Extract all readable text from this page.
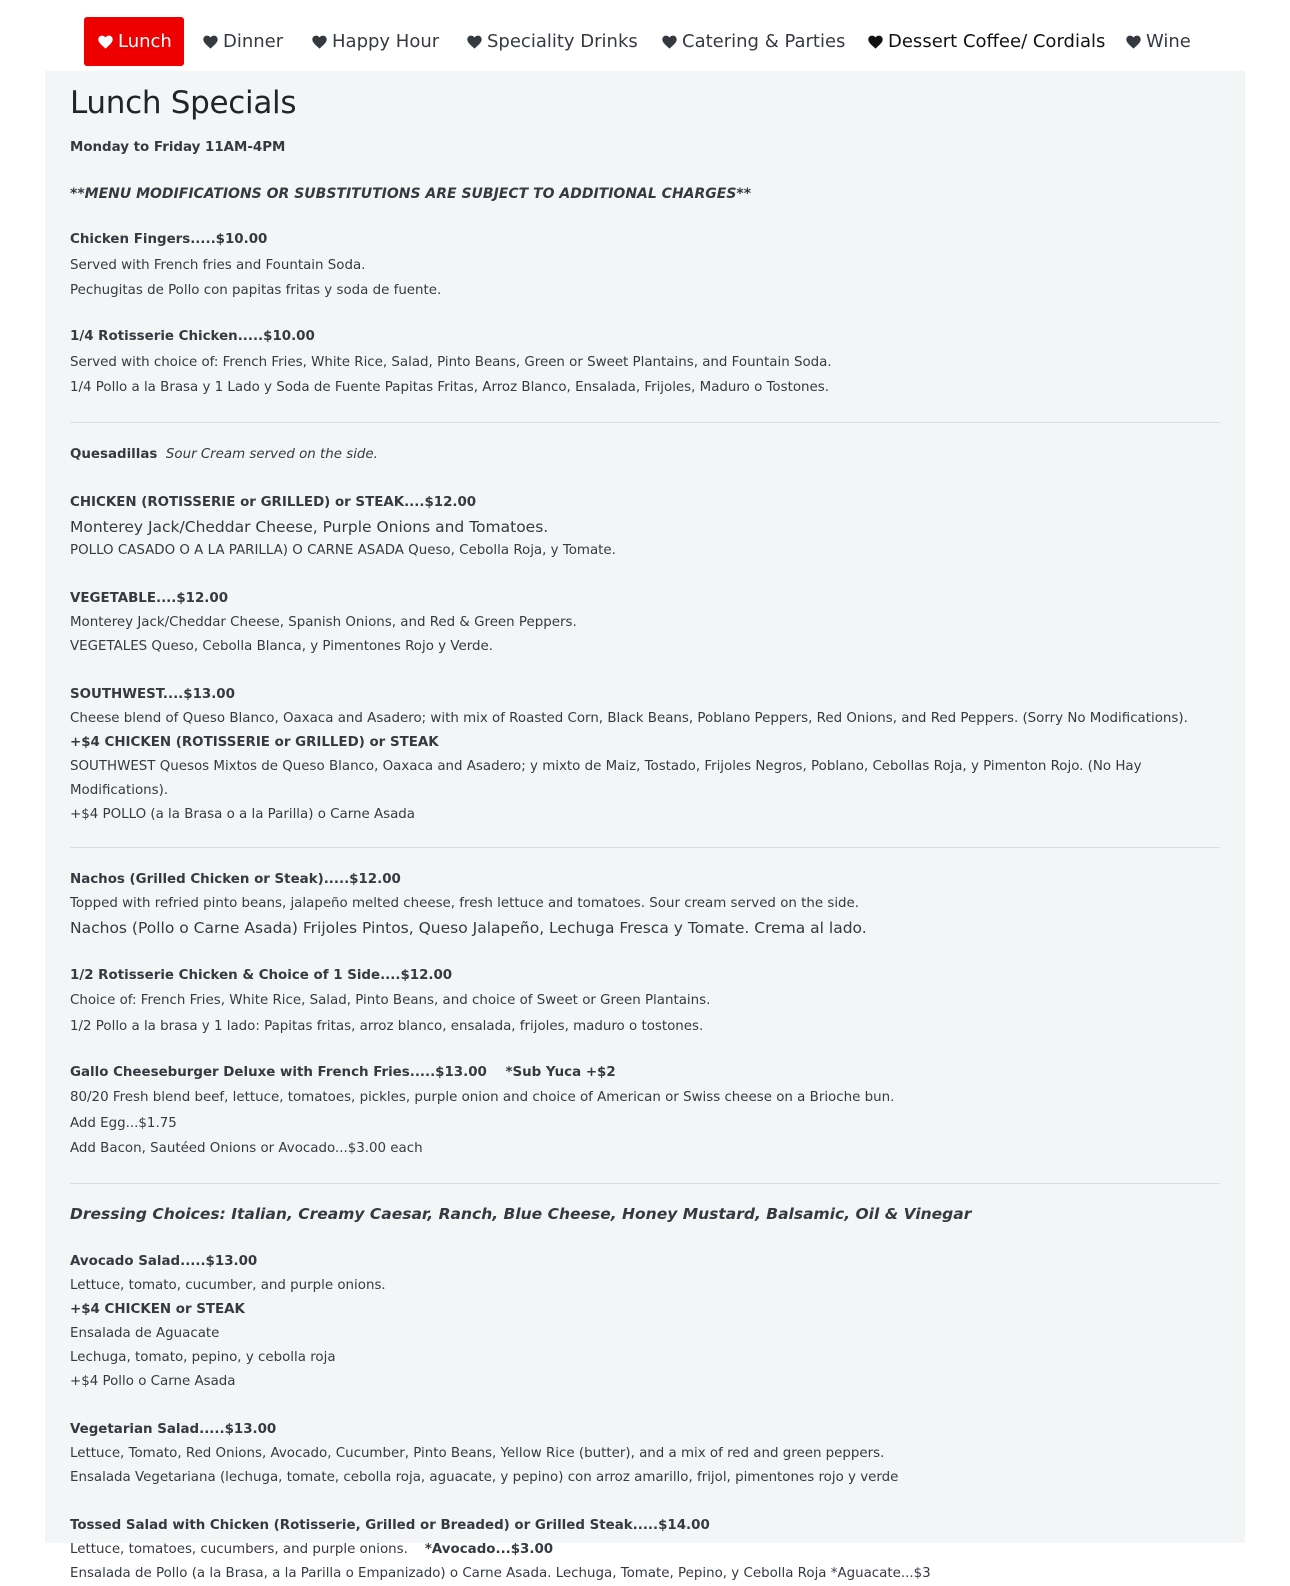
Lunch	Dinner	Happy Hour	Speciality Drinks Catering & Parties Dessert Coffee/ Cordials Wine
Lunch Specials

Monday to Friday 11AM-4PM

**MENU MODIFICATIONS OR SUBSTITUTIONS ARE SUBJECT TO ADDITIONAL CHARGES**

Chicken Fingers.....$10.00

Served with French fries and Fountain Soda.

Pechugitas de Pollo con papitas fritas y soda de fuente.

1/4 Rotisserie Chicken.....$10.00

Served with choice of: French Fries, White Rice, Salad, Pinto Beans, Green or Sweet Plantains, and Fountain Soda.

1/4 Pollo a la Brasa y 1 Lado y Soda de Fuente Papitas Fritas, Arroz Blanco, Ensalada, Frijoles, Maduro o Tostones.

Quesadillas Sour Cream served on the side.

CHICKEN (ROTISSERIE or GRILLED) or STEAK....$12.00

Monterey Jack/Cheddar Cheese, Purple Onions and Tomatoes.

POLLO CASADO O A LA PARILLA) O CARNE ASADA Queso, Cebolla Roja, y Tomate.

VEGETABLE....$12.00

Monterey Jack/Cheddar Cheese, Spanish Onions, and Red & Green Peppers.

VEGETALES Queso, Cebolla Blanca, y Pimentones Rojo y Verde.

SOUTHWEST....$13.00

Cheese blend of Queso Blanco, Oaxaca and Asadero; with mix of Roasted Corn, Black Beans, Poblano Peppers, Red Onions, and Red Peppers. (Sorry No Modifications).

+$4 CHICKEN (ROTISSERIE or GRILLED) or STEAK

SOUTHWEST Quesos Mixtos de Queso Blanco, Oaxaca and Asadero; y mixto de Maiz, Tostado, Frijoles Negros, Poblano, Cebollas Roja, y Pimenton Rojo. (No Hay Modifications).

+$4 POLLO (a la Brasa o a la Parilla) o Carne Asada

Nachos (Grilled Chicken or Steak).....$12.00

Topped with refried pinto beans, jalapeño melted cheese, fresh lettuce and tomatoes. Sour cream served on the side.

Nachos (Pollo o Carne Asada) Frijoles Pintos, Queso Jalapeño, Lechuga Fresca y Tomate. Crema al lado.

1/2 Rotisserie Chicken & Choice of 1 Side....$12.00

Choice of: French Fries, White Rice, Salad, Pinto Beans, and choice of Sweet or Green Plantains.

1/2 Pollo a la brasa y 1 lado: Papitas fritas, arroz blanco, ensalada, frijoles, maduro o tostones.

Gallo Cheeseburger Deluxe with French Fries.....$13.00 *Sub Yuca +$2

80/20 Fresh blend beef, lettuce, tomatoes, pickles, purple onion and choice of American or Swiss cheese on a Brioche bun.

Add Egg...$1.75

Add Bacon, Sautéed Onions or Avocado...$3.00 each

Dressing Choices: Italian, Creamy Caesar, Ranch, Blue Cheese, Honey Mustard, Balsamic, Oil & Vinegar

Avocado Salad.....$13.00

Lettuce, tomato, cucumber, and purple onions.

+$4 CHICKEN or STEAK

Ensalada de Aguacate

Lechuga, tomato, pepino, y cebolla roja

+$4 Pollo o Carne Asada

Vegetarian Salad.....$13.00

Lettuce, Tomato, Red Onions, Avocado, Cucumber, Pinto Beans, Yellow Rice (butter), and a mix of red and green peppers.

Ensalada Vegetariana (lechuga, tomate, cebolla roja, aguacate, y pepino) con arroz amarillo, frijol, pimentones rojo y verde

Tossed Salad with Chicken (Rotisserie, Grilled or Breaded) or Grilled Steak.....$14.00

Lettuce, tomatoes, cucumbers, and purple onions. *Avocado...$3.00

Ensalada de Pollo (a la Brasa, a la Parilla o Empanizado) o Carne Asada. Lechuga, Tomate, Pepino, y Cebolla Roja *Aguacate...$3
